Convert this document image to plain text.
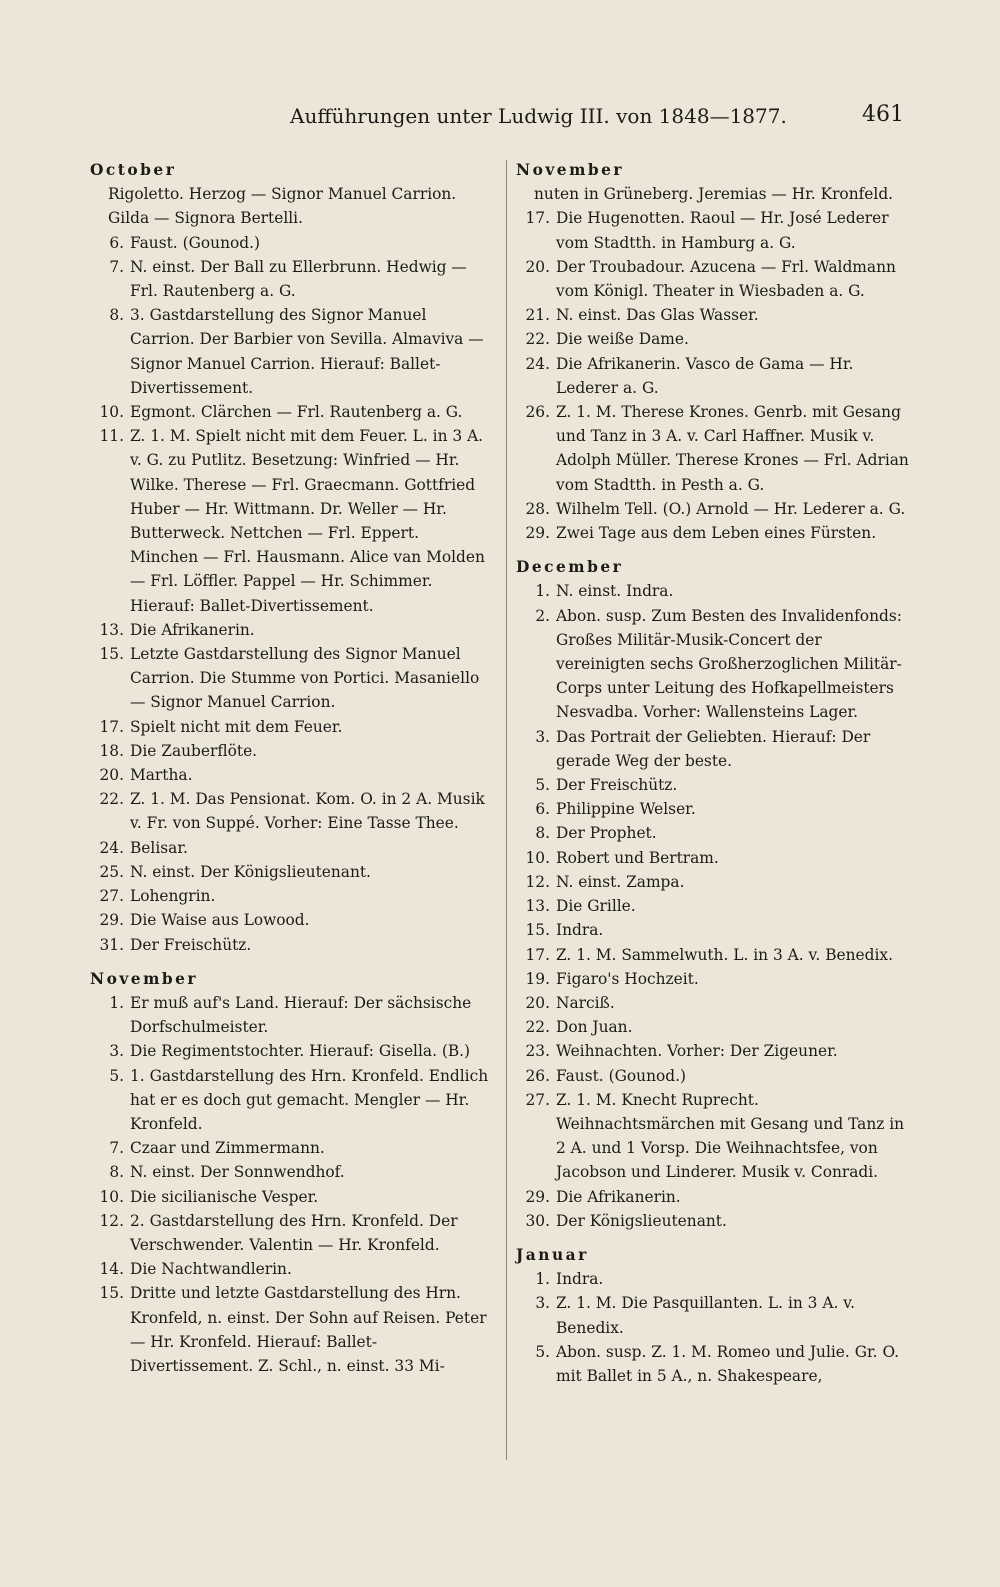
Aufführungen unter Ludwig III. von 1848—1877.	461
October
Rigoletto. Herzog — Signor Manuel Carrion. Gilda — Signora Bertelli.
6. Faust. (Gounod.)
7. N. einst. Der Ball zu Ellerbrunn. Hedwig — Frl. Rautenberg a. G.
8. 3. Gastdarstellung des Signor Manuel Carrion. Der Barbier von Sevilla. Almaviva — Signor Manuel Carrion. Hierauf: Ballet-Divertissement.
10. Egmont. Clärchen — Frl. Rautenberg a. G.
11. Z. 1. M. Spielt nicht mit dem Feuer. L. in 3 A. v. G. zu Putlitz. Besetzung: Winfried — Hr. Wilke. Therese — Frl. Graecmann. Gottfried Huber — Hr. Wittmann. Dr. Weller — Hr. Butterweck. Nettchen — Frl. Eppert. Minchen — Frl. Hausmann. Alice van Molden — Frl. Löffler. Pappel — Hr. Schimmer. Hierauf: Ballet-Divertissement.
13. Die Afrikanerin.
15. Letzte Gastdarstellung des Signor Manuel Carrion. Die Stumme von Portici. Masaniello — Signor Manuel Carrion.
17. Spielt nicht mit dem Feuer.
18. Die Zauberflöte.
20. Martha.
22. Z. 1. M. Das Pensionat. Kom. O. in 2 A. Musik v. Fr. von Suppé. Vorher: Eine Tasse Thee.
24. Belisar.
25. N. einst. Der Königslieutenant.
27. Lohengrin.
29. Die Waise aus Lowood.
31. Der Freischütz.
November
1. Er muß auf's Land. Hierauf: Der sächsische Dorfschulmeister.
3. Die Regimentstochter. Hierauf: Gisella. (B.)
5. 1. Gastdarstellung des Hrn. Kronfeld. Endlich hat er es doch gut gemacht. Mengler — Hr. Kronfeld.
7. Czaar und Zimmermann.
8. N. einst. Der Sonnwendhof.
10. Die sicilianische Vesper.
12. 2. Gastdarstellung des Hrn. Kronfeld. Der Verschwender. Valentin — Hr. Kronfeld.
14. Die Nachtwandlerin.
15. Dritte und letzte Gastdarstellung des Hrn. Kronfeld, n. einst. Der Sohn auf Reisen. Peter — Hr. Kronfeld. Hierauf: Ballet-Divertissement. Z. Schl., n. einst. 33 Mi-
November
nuten in Grüneberg. Jeremias — Hr. Kronfeld.
17. Die Hugenotten. Raoul — Hr. José Lederer vom Stadtth. in Hamburg a. G.
20. Der Troubadour. Azucena — Frl. Waldmann vom Königl. Theater in Wiesbaden a. G.
21. N. einst. Das Glas Wasser.
22. Die weiße Dame.
24. Die Afrikanerin. Vasco de Gama — Hr. Lederer a. G.
26. Z. 1. M. Therese Krones. Genrb. mit Gesang und Tanz in 3 A. v. Carl Haffner. Musik v. Adolph Müller. Therese Krones — Frl. Adrian vom Stadtth. in Pesth a. G.
28. Wilhelm Tell. (O.) Arnold — Hr. Lederer a. G.
29. Zwei Tage aus dem Leben eines Fürsten.
December
1. N. einst. Indra.
2. Abon. susp. Zum Besten des Invalidenfonds: Großes Militär-Musik-Concert der vereinigten sechs Großherzoglichen Militär-Corps unter Leitung des Hofkapellmeisters Nesvadba. Vorher: Wallensteins Lager.
3. Das Portrait der Geliebten. Hierauf: Der gerade Weg der beste.
5. Der Freischütz.
6. Philippine Welser.
8. Der Prophet.
10. Robert und Bertram.
12. N. einst. Zampa.
13. Die Grille.
15. Indra.
17. Z. 1. M. Sammelwuth. L. in 3 A. v. Benedix.
19. Figaro's Hochzeit.
20. Narciß.
22. Don Juan.
23. Weihnachten. Vorher: Der Zigeuner.
26. Faust. (Gounod.)
27. Z. 1. M. Knecht Ruprecht. Weihnachtsmärchen mit Gesang und Tanz in 2 A. und 1 Vorsp. Die Weihnachtsfee, von Jacobson und Linderer. Musik v. Conradi.
29. Die Afrikanerin.
30. Der Königslieutenant.
Januar
1. Indra.
3. Z. 1. M. Die Pasquillanten. L. in 3 A. v. Benedix.
5. Abon. susp. Z. 1. M. Romeo und Julie. Gr. O. mit Ballet in 5 A., n. Shakespeare,
